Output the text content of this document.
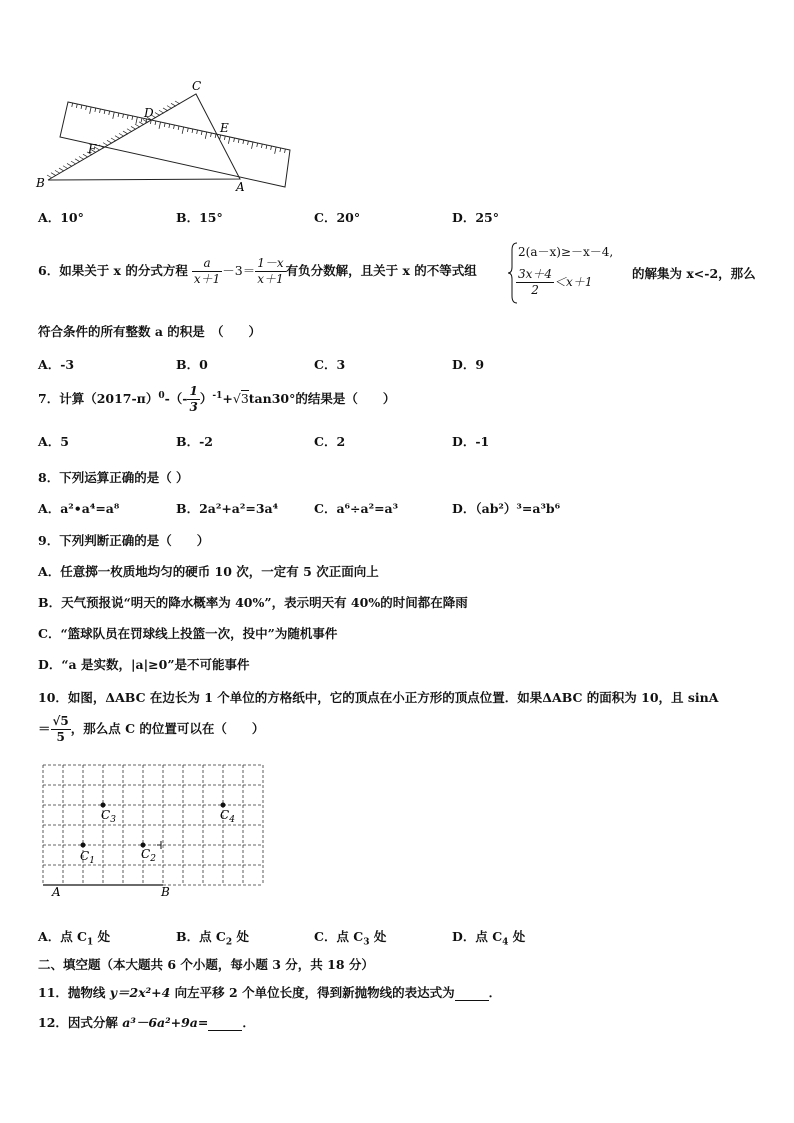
C
D
E
F
B	A
A．10°	B．15°	C．20°	D．25°
6．如果关于 x 的分式方程 $\frac{a}{x+1} -3= \frac{1-x}{x+1}$ 有负分数解，且关于 x 的不等式组
2(a－x)≥－x－4,
$\frac{3x+4}{2} <x+1$
的解集为 x<-2，那么
符合条件的所有整数 a 的积是　（　　）
A．-3	B．0	C．3	D．9
7．计算$(2017-\pi)^0-(- \frac{1}{3} )^{-1}+√3\tan 30^\circ$的结果是（　　）
A．5	B．-2	C．2	D．-1
8．下列运算正确的是（ ）
A．a²•a⁴=a⁸	B．2a²+a²=3a⁴	C．a⁶÷a²=a³	D．（ab²）³=a³b⁶
9．下列判断正确的是（　　）
A．任意掷一枚质地均匀的硬币 10 次，一定有 5 次正面向上
B．天气预报说“明天的降水概率为 40%”，表示明天有 40%的时间都在降雨
C．“篮球队员在罚球线上投篮一次，投中”为随机事件
D．“a 是实数，|a|≥0”是不可能事件
10．如图，ΔABC 在边长为 1 个单位的方格纸中，它的顶点在小正方形的顶点位置．如果ΔABC 的面积为 10，且 sinA
＝ $\frac{√5}{5}$ ，那么点 C 的位置可以在（　　）
$C_3$	$C_4$
$C_1$	$C_2$
A	B
A．点 $C_1$ 处	B．点 $C_2$ 处	C．点 $C_3$ 处	D．点 $C_4$ 处
二、填空题（本大题共 6 个小题，每小题 3 分，共 18 分）
11．抛物线 y＝2x²+4 向左平移 2 个单位长度，得到新抛物线的表达式为	．
12．因式分解 a³－6a²+9a=	．
